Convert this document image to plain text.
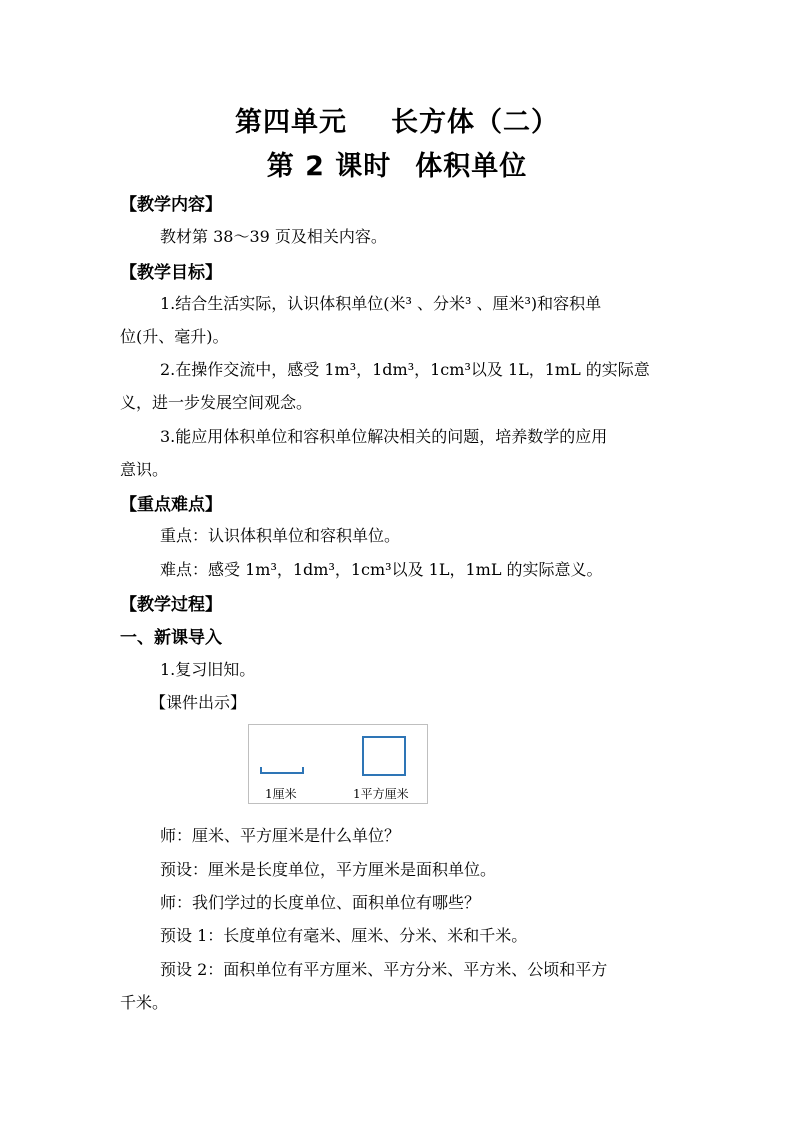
第四单元 长方体（二）
第 2 课时 体积单位
【教学内容】
教材第 38～39 页及相关内容。
【教学目标】
1.结合生活实际，认识体积单位(米³ 、分米³ 、厘米³)和容积单
位(升、毫升)。
2.在操作交流中，感受 1m³，1dm³，1cm³以及 1L，1mL 的实际意
义，进一步发展空间观念。
3.能应用体积单位和容积单位解决相关的问题，培养数学的应用
意识。
【重点难点】
重点：认识体积单位和容积单位。
难点：感受 1m³，1dm³，1cm³以及 1L，1mL 的实际意义。
【教学过程】
一、新课导入
1.复习旧知。
【课件出示】
1厘米	1平方厘米
师：厘米、平方厘米是什么单位？
预设：厘米是长度单位，平方厘米是面积单位。
师：我们学过的长度单位、面积单位有哪些？
预设 1：长度单位有毫米、厘米、分米、米和千米。
预设 2：面积单位有平方厘米、平方分米、平方米、公顷和平方
千米。
